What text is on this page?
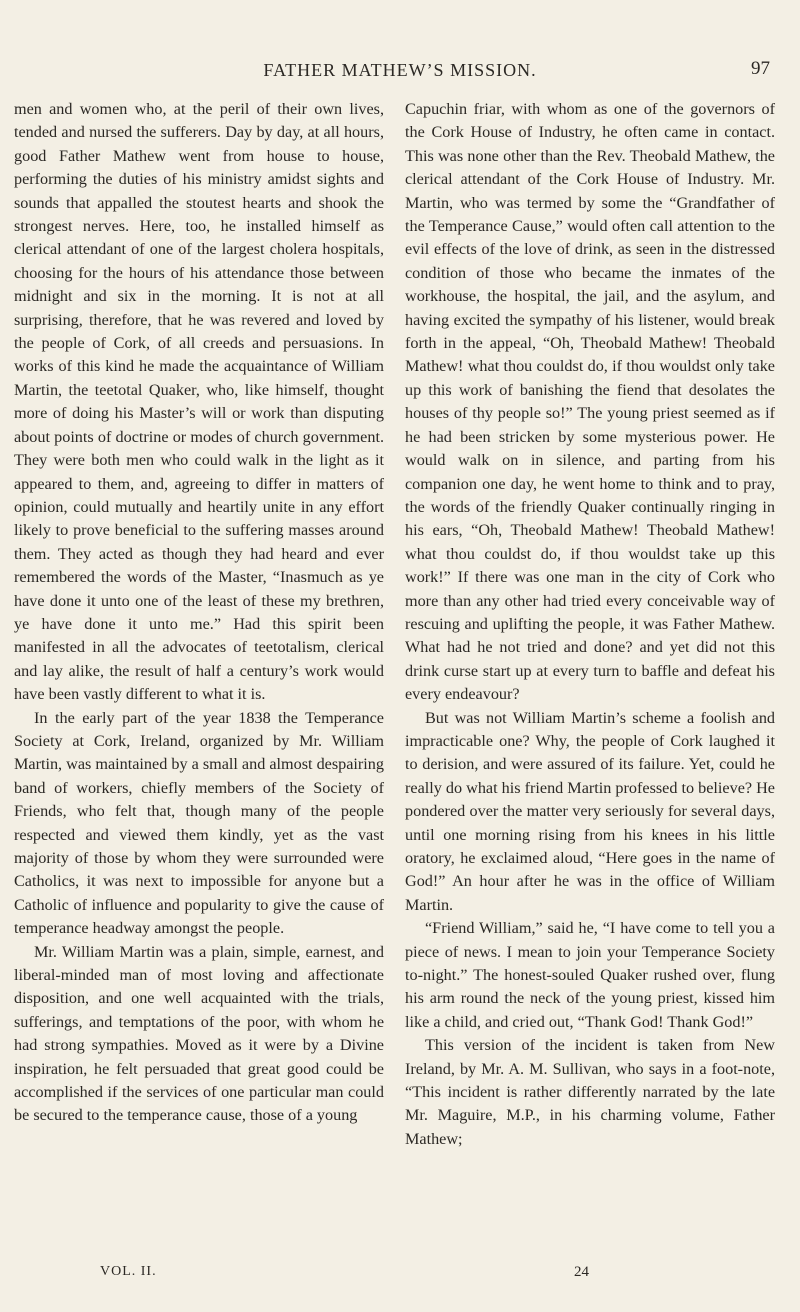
FATHER MATHEW’S MISSION.	97

men and women who, at the peril of their own lives, tended and nursed the sufferers. Day by day, at all hours, good Father Mathew went from house to house, performing the duties of his ministry amidst sights and sounds that appalled the stoutest hearts and shook the strongest nerves. Here, too, he installed himself as clerical attendant of one of the largest cholera hospitals, choosing for the hours of his attendance those between midnight and six in the morning. It is not at all surprising, therefore, that he was revered and loved by the people of Cork, of all creeds and persuasions. In works of this kind he made the acquaintance of William Martin, the teetotal Quaker, who, like himself, thought more of doing his Master’s will or work than disputing about points of doctrine or modes of church government. They were both men who could walk in the light as it appeared to them, and, agreeing to differ in matters of opinion, could mutually and heartily unite in any effort likely to prove beneficial to the suffering masses around them. They acted as though they had heard and ever remembered the words of the Master, “Inasmuch as ye have done it unto one of the least of these my brethren, ye have done it unto me.” Had this spirit been manifested in all the advocates of teetotalism, clerical and lay alike, the result of half a century’s work would have been vastly different to what it is.

In the early part of the year 1838 the Temperance Society at Cork, Ireland, organized by Mr. William Martin, was maintained by a small and almost despairing band of workers, chiefly members of the Society of Friends, who felt that, though many of the people respected and viewed them kindly, yet as the vast majority of those by whom they were surrounded were Catholics, it was next to impossible for anyone but a Catholic of influence and popularity to give the cause of temperance headway amongst the people.

Mr. William Martin was a plain, simple, earnest, and liberal-minded man of most loving and affectionate disposition, and one well acquainted with the trials, sufferings, and temptations of the poor, with whom he had strong sympathies. Moved as it were by a Divine inspiration, he felt persuaded that great good could be accomplished if the services of one particular man could be secured to the temperance cause, those of a young

Capuchin friar, with whom as one of the governors of the Cork House of Industry, he often came in contact. This was none other than the Rev. Theobald Mathew, the clerical attendant of the Cork House of Industry. Mr. Martin, who was termed by some the “Grandfather of the Temperance Cause,” would often call attention to the evil effects of the love of drink, as seen in the distressed condition of those who became the inmates of the workhouse, the hospital, the jail, and the asylum, and having excited the sympathy of his listener, would break forth in the appeal, “Oh, Theobald Mathew! Theobald Mathew! what thou couldst do, if thou wouldst only take up this work of banishing the fiend that desolates the houses of thy people so!” The young priest seemed as if he had been stricken by some mysterious power. He would walk on in silence, and parting from his companion one day, he went home to think and to pray, the words of the friendly Quaker continually ringing in his ears, “Oh, Theobald Mathew! Theobald Mathew! what thou couldst do, if thou wouldst take up this work!” If there was one man in the city of Cork who more than any other had tried every conceivable way of rescuing and uplifting the people, it was Father Mathew. What had he not tried and done? and yet did not this drink curse start up at every turn to baffle and defeat his every endeavour?

But was not William Martin’s scheme a foolish and impracticable one? Why, the people of Cork laughed it to derision, and were assured of its failure. Yet, could he really do what his friend Martin professed to believe? He pondered over the matter very seriously for several days, until one morning rising from his knees in his little oratory, he exclaimed aloud, “Here goes in the name of God!” An hour after he was in the office of William Martin.

“Friend William,” said he, “I have come to tell you a piece of news. I mean to join your Temperance Society to-night.” The honest-souled Quaker rushed over, flung his arm round the neck of the young priest, kissed him like a child, and cried out, “Thank God! Thank God!”

This version of the incident is taken from New Ireland, by Mr. A. M. Sullivan, who says in a foot-note, “This incident is rather differently narrated by the late Mr. Maguire, M.P., in his charming volume, Father Mathew;

VOL. II.	24
